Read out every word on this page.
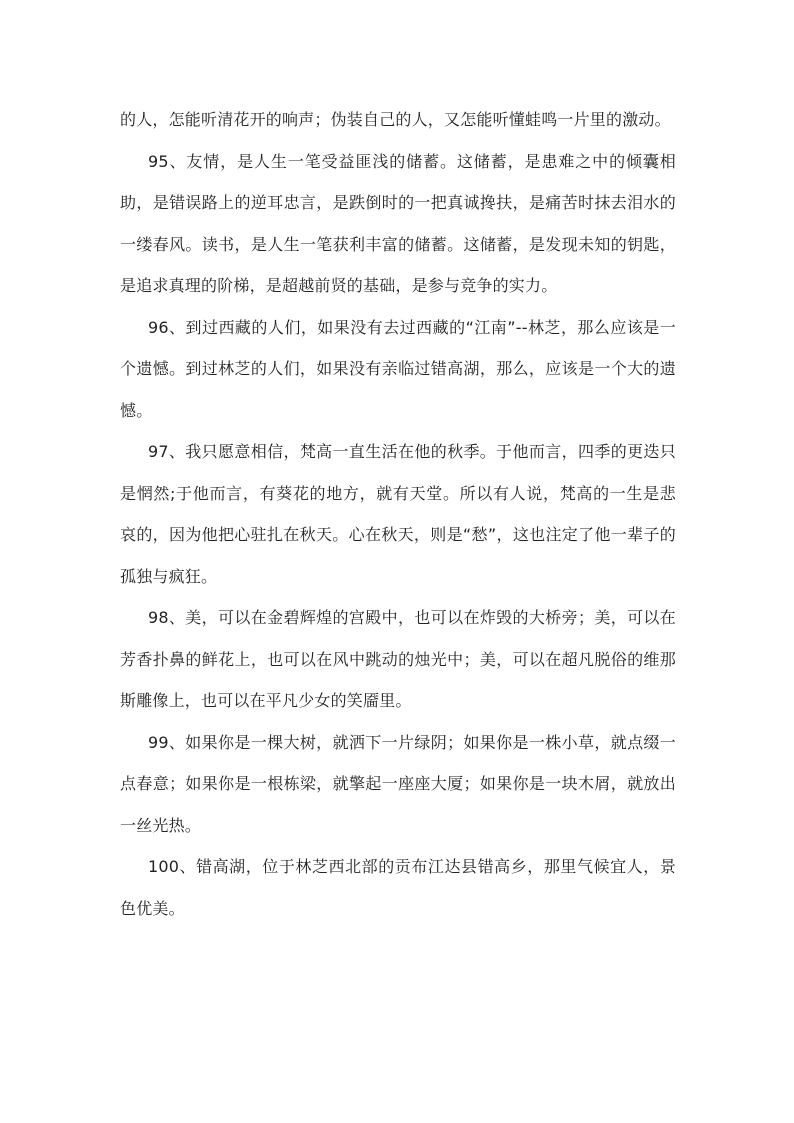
的人，怎能听清花开的响声；伪装自己的人，又怎能听懂蛙鸣一片里的激动。

95、友情，是人生一笔受益匪浅的储蓄。这储蓄，是患难之中的倾囊相助，是错误路上的逆耳忠言，是跌倒时的一把真诚搀扶，是痛苦时抹去泪水的一缕春风。读书，是人生一笔获利丰富的储蓄。这储蓄，是发现未知的钥匙，是追求真理的阶梯，是超越前贤的基础，是参与竞争的实力。

96、到过西藏的人们，如果没有去过西藏的“江南”--林芝，那么应该是一个遗憾。到过林芝的人们，如果没有亲临过错高湖，那么，应该是一个大的遗憾。

97、我只愿意相信，梵高一直生活在他的秋季。于他而言，四季的更迭只是惘然;于他而言，有葵花的地方，就有天堂。所以有人说，梵高的一生是悲哀的，因为他把心驻扎在秋天。心在秋天，则是“愁”，这也注定了他一辈子的孤独与疯狂。

98、美，可以在金碧辉煌的宫殿中，也可以在炸毁的大桥旁；美，可以在芳香扑鼻的鲜花上，也可以在风中跳动的烛光中；美，可以在超凡脱俗的维那斯雕像上，也可以在平凡少女的笑靥里。

99、如果你是一棵大树，就洒下一片绿阴；如果你是一株小草，就点缀一点春意；如果你是一根栋梁，就擎起一座座大厦；如果你是一块木屑，就放出一丝光热。

100、错高湖，位于林芝西北部的贡布江达县错高乡，那里气候宜人，景色优美。
